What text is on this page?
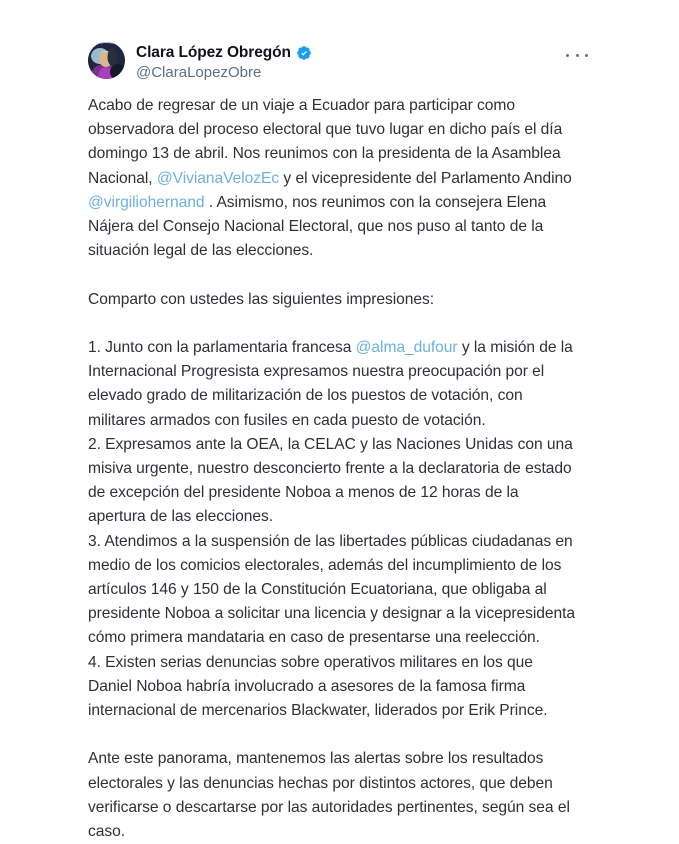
Clara López Obregón
@ClaraLopezObre

Acabo de regresar de un viaje a Ecuador para participar como observadora del proceso electoral que tuvo lugar en dicho país el día domingo 13 de abril. Nos reunimos con la presidenta de la Asamblea Nacional, @VivianaVelozEc y el vicepresidente del Parlamento Andino @virgiliohernand . Asimismo, nos reunimos con la consejera Elena Nájera del Consejo Nacional Electoral, que nos puso al tanto de la situación legal de las elecciones.

Comparto con ustedes las siguientes impresiones:

1. Junto con la parlamentaria francesa @alma_dufour y la misión de la Internacional Progresista expresamos nuestra preocupación por el elevado grado de militarización de los puestos de votación, con militares armados con fusiles en cada puesto de votación.

2. Expresamos ante la OEA, la CELAC y las Naciones Unidas con una misiva urgente, nuestro desconcierto frente a la declaratoria de estado de excepción del presidente Noboa a menos de 12 horas de la apertura de las elecciones.

3. Atendimos a la suspensión de las libertades públicas ciudadanas en medio de los comicios electorales, además del incumplimiento de los artículos 146 y 150 de la Constitución Ecuatoriana, que obligaba al presidente Noboa a solicitar una licencia y designar a la vicepresidenta cómo primera mandataria en caso de presentarse una reelección.

4. Existen serias denuncias sobre operativos militares en los que Daniel Noboa habría involucrado a asesores de la famosa firma internacional de mercenarios Blackwater, liderados por Erik Prince.

Ante este panorama, mantenemos las alertas sobre los resultados electorales y las denuncias hechas por distintos actores, que deben verificarse o descartarse por las autoridades pertinentes, según sea el caso.
